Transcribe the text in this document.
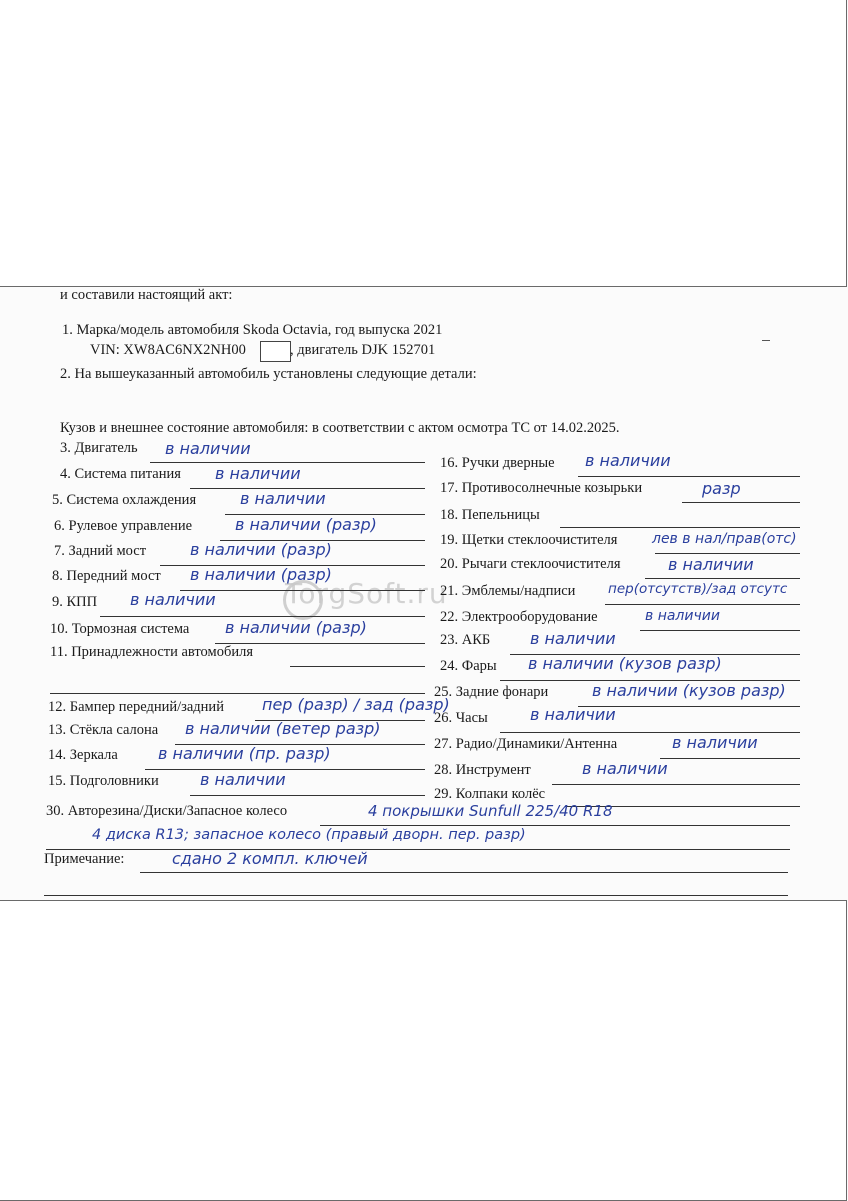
и составили настоящий акт:
1. Марка/модель автомобиля Skoda Octavia, год выпуска 2021
VIN: XW8AC6NX2NH00	, двигатель DJK 152701
2. На вышеуказанный автомобиль установлены следующие детали:
Кузов и внешнее состояние автомобиля: в соответствии с актом осмотра ТС от 14.02.2025.
TorgSoft.ru
3. Двигатель в наличии
4. Система питания в наличии
5. Система охлаждения	в наличии
6. Рулевое управление	в наличии (разр)
7. Задний мост	в наличии (разр)
8. Передний мост в наличии (разр)
9. КПП в наличии
10. Тормозная система в наличии (разр)
11. Принадлежности автомобиля
12. Бампер передний/задний пер (разр) / зад (разр)
13. Стёкла салона в наличии (ветер разр)
14. Зеркала	в наличии (пр. разр)
15. Подголовники	в наличии
16. Ручки дверные в наличии
17. Противосолнечные козырьки	разр
18. Пепельницы
19. Щетки стеклоочистителя лев в нал/прав(отс)
20. Рычаги стеклоочистителя	в наличии
21. Эмблемы/надписи пер(отсутств)/зад отсутс
22. Электрооборудование	в наличии
23. АКБ в наличии
24. Фары в наличии (кузов разр)
25. Задние фонари	в наличии (кузов разр)
26. Часы	в наличии
27. Радио/Динамики/Антенна	в наличии
28. Инструмент	в наличии
29. Колпаки колёс
30. Авторезина/Диски/Запасное колесо	4 покрышки Sunfull 225/40 R18
4 диска R13; запасное колесо (правый дворн. пер. разр)
Примечание:	сдано 2 компл. ключей
